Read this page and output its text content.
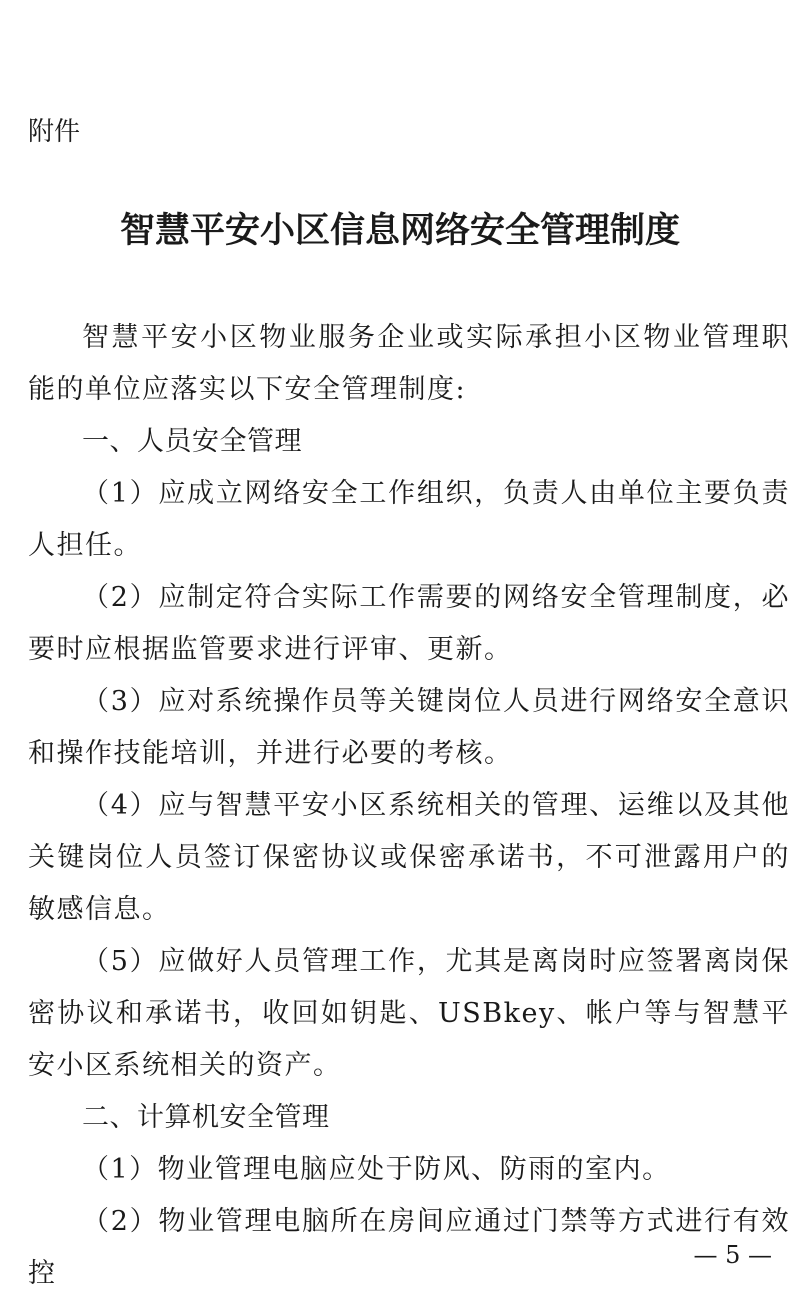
附件

智慧平安小区信息网络安全管理制度

智慧平安小区物业服务企业或实际承担小区物业管理职能的单位应落实以下安全管理制度:

一、人员安全管理

（1）应成立网络安全工作组织，负责人由单位主要负责人担任。

（2）应制定符合实际工作需要的网络安全管理制度，必要时应根据监管要求进行评审、更新。

（3）应对系统操作员等关键岗位人员进行网络安全意识和操作技能培训，并进行必要的考核。

（4）应与智慧平安小区系统相关的管理、运维以及其他关键岗位人员签订保密协议或保密承诺书，不可泄露用户的敏感信息。

（5）应做好人员管理工作，尤其是离岗时应签署离岗保密协议和承诺书，收回如钥匙、USBkey、帐户等与智慧平安小区系统相关的资产。

二、计算机安全管理

（1）物业管理电脑应处于防风、防雨的室内。

（2）物业管理电脑所在房间应通过门禁等方式进行有效控

— 5 —
